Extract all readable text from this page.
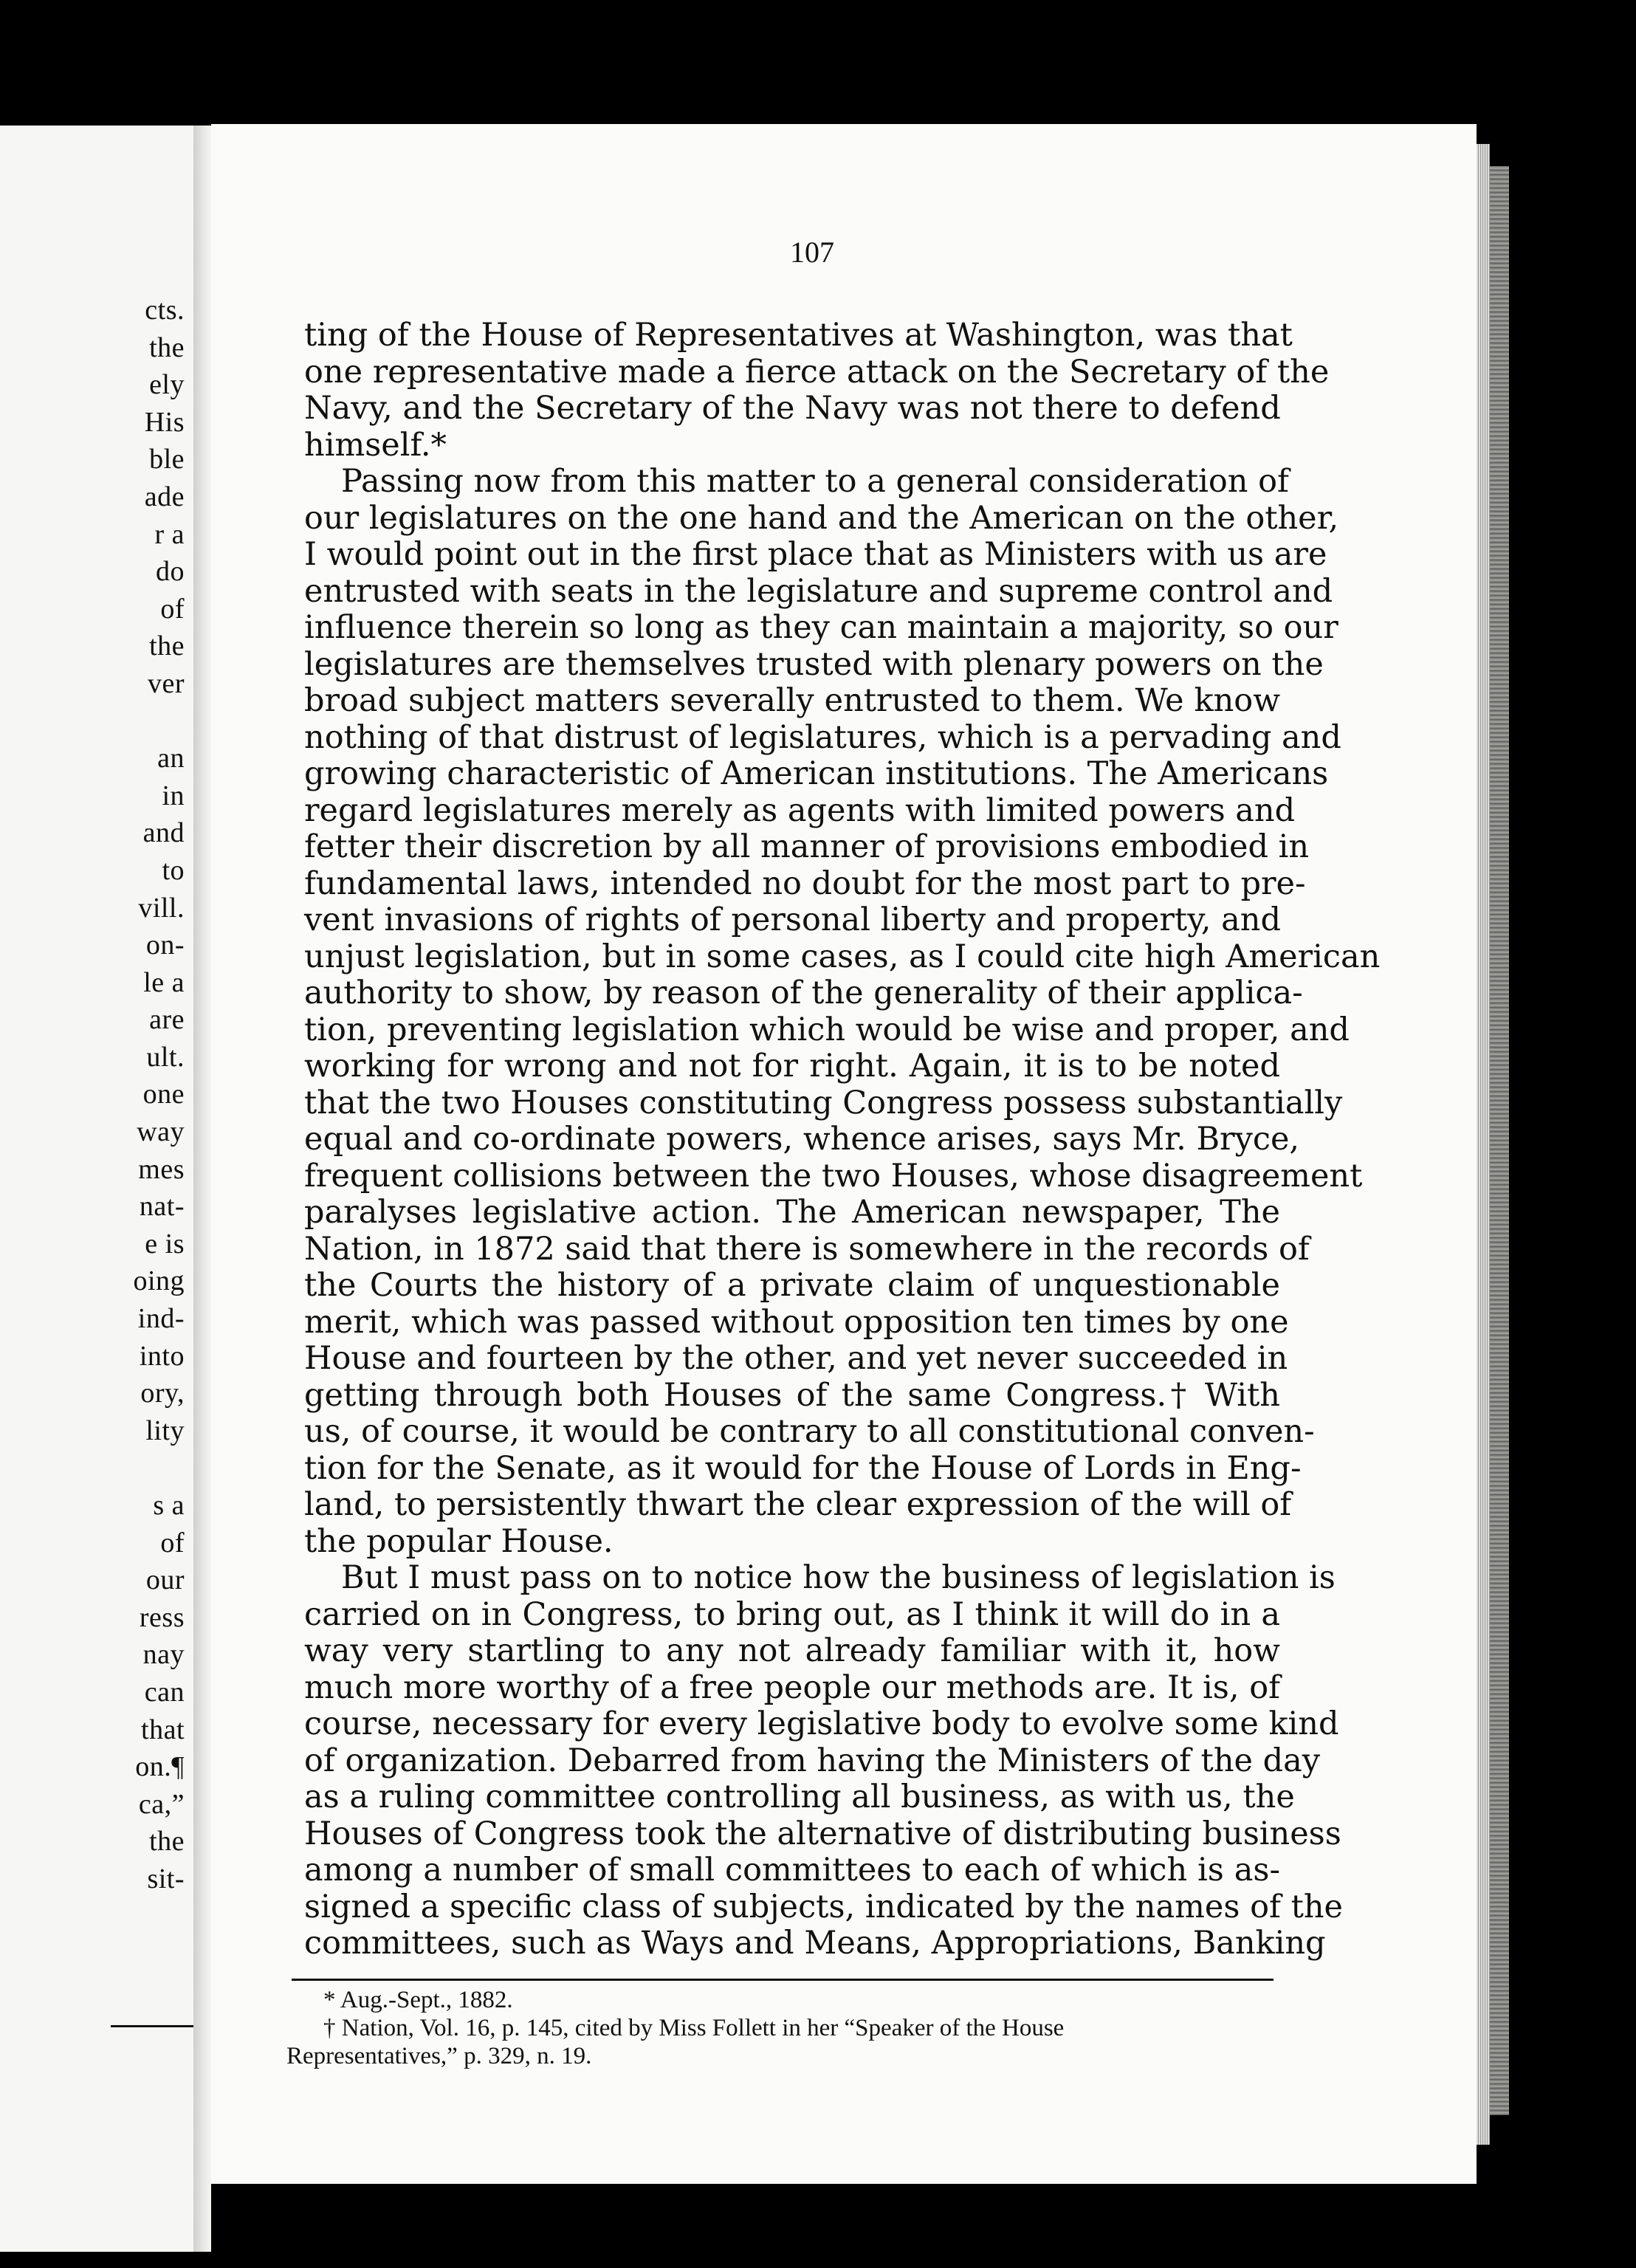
cts.
the
ely
His
ble
ade
r a
do
of
the
ver
an
in
and
to
vill.
on-
le a
are
ult.
one
way
mes
nat-
e is
oing
ind-
into
ory,
lity
s a
of
our
ress
nay
can
that
on.¶
ca,”
the
sit-
107
ting of the House of Representatives at Washington, was that
one representative made a fierce attack on the Secretary of the
Navy, and the Secretary of the Navy was not there to defend
himself.*
Passing now from this matter to a general consideration of
our legislatures on the one hand and the American on the other,
I would point out in the first place that as Ministers with us are
entrusted with seats in the legislature and supreme control and
influence therein so long as they can maintain a majority, so our
legislatures are themselves trusted with plenary powers on the
broad subject matters severally entrusted to them. We know
nothing of that distrust of legislatures, which is a pervading and
growing characteristic of American institutions. The Americans
regard legislatures merely as agents with limited powers and
fetter their discretion by all manner of provisions embodied in
fundamental laws, intended no doubt for the most part to pre-
vent invasions of rights of personal liberty and property, and
unjust legislation, but in some cases, as I could cite high American
authority to show, by reason of the generality of their applica-
tion, preventing legislation which would be wise and proper, and
working for wrong and not for right. Again, it is to be noted
that the two Houses constituting Congress possess substantially
equal and co-ordinate powers, whence arises, says Mr. Bryce,
frequent collisions between the two Houses, whose disagreement
paralyses legislative action. The American newspaper, The
Nation, in 1872 said that there is somewhere in the records of
the Courts the history of a private claim of unquestionable
merit, which was passed without opposition ten times by one
House and fourteen by the other, and yet never succeeded in
getting through both Houses of the same Congress.† With
us, of course, it would be contrary to all constitutional conven-
tion for the Senate, as it would for the House of Lords in Eng-
land, to persistently thwart the clear expression of the will of
the popular House.
But I must pass on to notice how the business of legislation is
carried on in Congress, to bring out, as I think it will do in a
way very startling to any not already familiar with it, how
much more worthy of a free people our methods are. It is, of
course, necessary for every legislative body to evolve some kind
of organization. Debarred from having the Ministers of the day
as a ruling committee controlling all business, as with us, the
Houses of Congress took the alternative of distributing business
among a number of small committees to each of which is as-
signed a specific class of subjects, indicated by the names of the
committees, such as Ways and Means, Appropriations, Banking
* Aug.-Sept., 1882.
† Nation, Vol. 16, p. 145, cited by Miss Follett in her “Speaker of the House
Representatives,” p. 329, n. 19.
